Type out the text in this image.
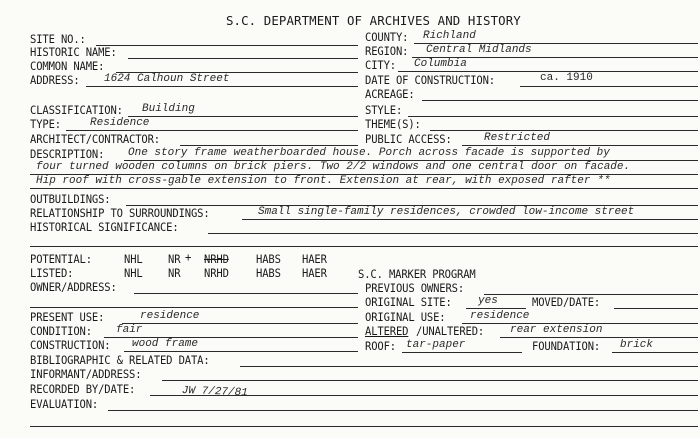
S.C. DEPARTMENT OF ARCHIVES AND HISTORY
SITE NO.:
HISTORIC NAME:
COMMON NAME:
ADDRESS: 1624 Calhoun Street
COUNTY: Richland
REGION: Central Midlands
CITY: Columbia
DATE OF CONSTRUCTION:	ca. 1910
ACREAGE:
CLASSIFICATION: Building
TYPE:	Residence
ARCHITECT/CONTRACTOR:
STYLE:
THEME(S):
PUBLIC ACCESS:	Restricted
DESCRIPTION: One story frame weatherboarded house. Porch across facade is supported by
four turned wooden columns on brick piers. Two 2/2 windows and one central door on facade.
Hip roof with cross-gable extension to front. Extension at rear, with exposed rafter **
OUTBUILDINGS:
RELATIONSHIP TO SURROUNDINGS:	Small single-family residences, crowded low-income street
HISTORICAL SIGNIFICANCE:
POTENTIAL:	NHL NR + NRHD HABS HAER
LISTED:	NHL NR NRHD HABS HAER	S.C. MARKER PROGRAM
OWNER/ADDRESS:	PREVIOUS OWNERS:
ORIGINAL SITE: yes	MOVED/DATE:
PRESENT USE:	residence	ORIGINAL USE: residence
CONDITION: fair	ALTERED /UNALTERED: rear extension
CONSTRUCTION: wood frame	ROOF: tar-paper	FOUNDATION: brick
BIBLIOGRAPHIC & RELATED DATA:
INFORMANT/ADDRESS:
RECORDED BY/DATE:	JW 7/27/81
EVALUATION:
